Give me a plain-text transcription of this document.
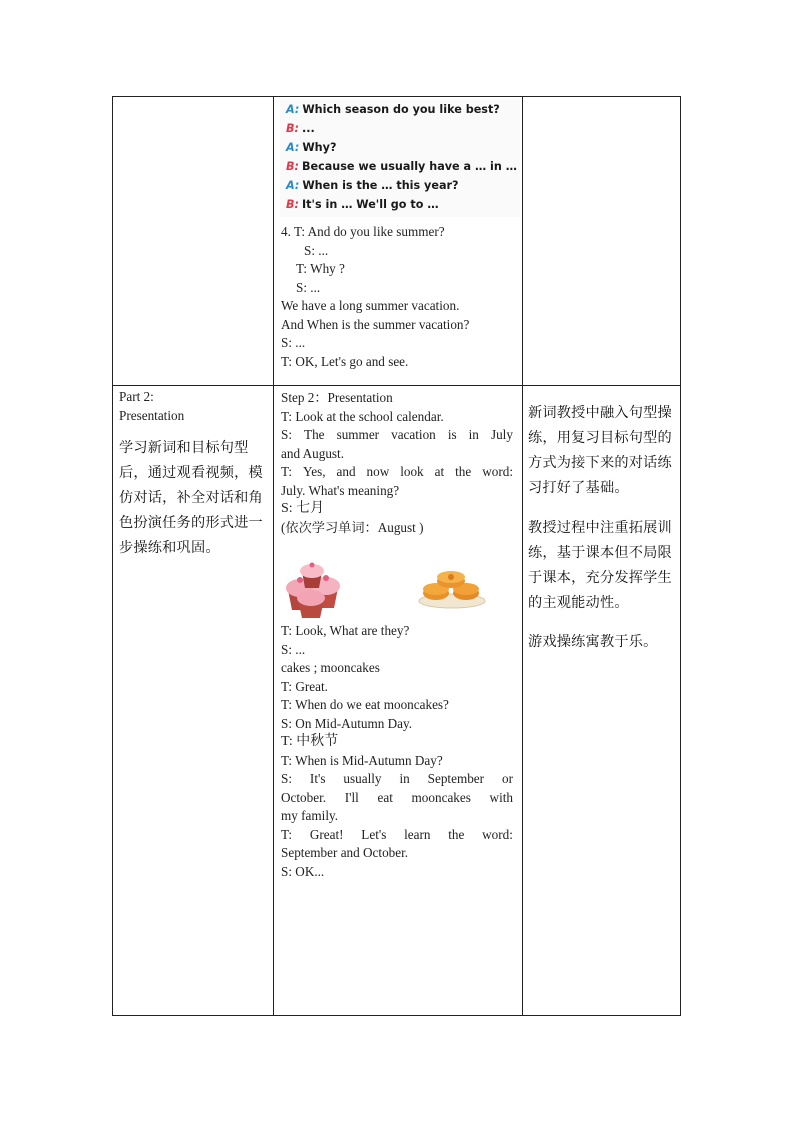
A: Which season do you like best?
B: ...
A: Why?
B: Because we usually have a … in …
A: When is the … this year?
B: It's in … We'll go to …
4. T: And do you like summer?
S: ...
T: Why ?
S: ...
We have a long summer vacation.
And When is the summer vacation?
S: ...
T: OK, Let's go and see.
Part 2:
Presentation
学习新词和目标句型后，通过观看视频，模仿对话，补全对话和角色扮演任务的形式进一步操练和巩固。
Step 2：Presentation
T: Look at the school calendar.
S: The summer vacation is in July
and August.
T: Yes, and now look at the word:
July. What's meaning?
S: 七月
(依次学习单词：August )
T: Look, What are they?
S: ...
cakes ; mooncakes
T: Great.
T: When do we eat mooncakes?
S: On Mid-Autumn Day.
T: 中秋节
T: When is Mid-Autumn Day?
S: It's usually in September or
October. I'll eat mooncakes with
my family.
T: Great! Let's learn the word:
September and October.
S: OK...
新词教授中融入句型操练，用复习目标句型的方式为接下来的对话练习打好了基础。
教授过程中注重拓展训练，基于课本但不局限于课本，充分发挥学生的主观能动性。
游戏操练寓教于乐。
